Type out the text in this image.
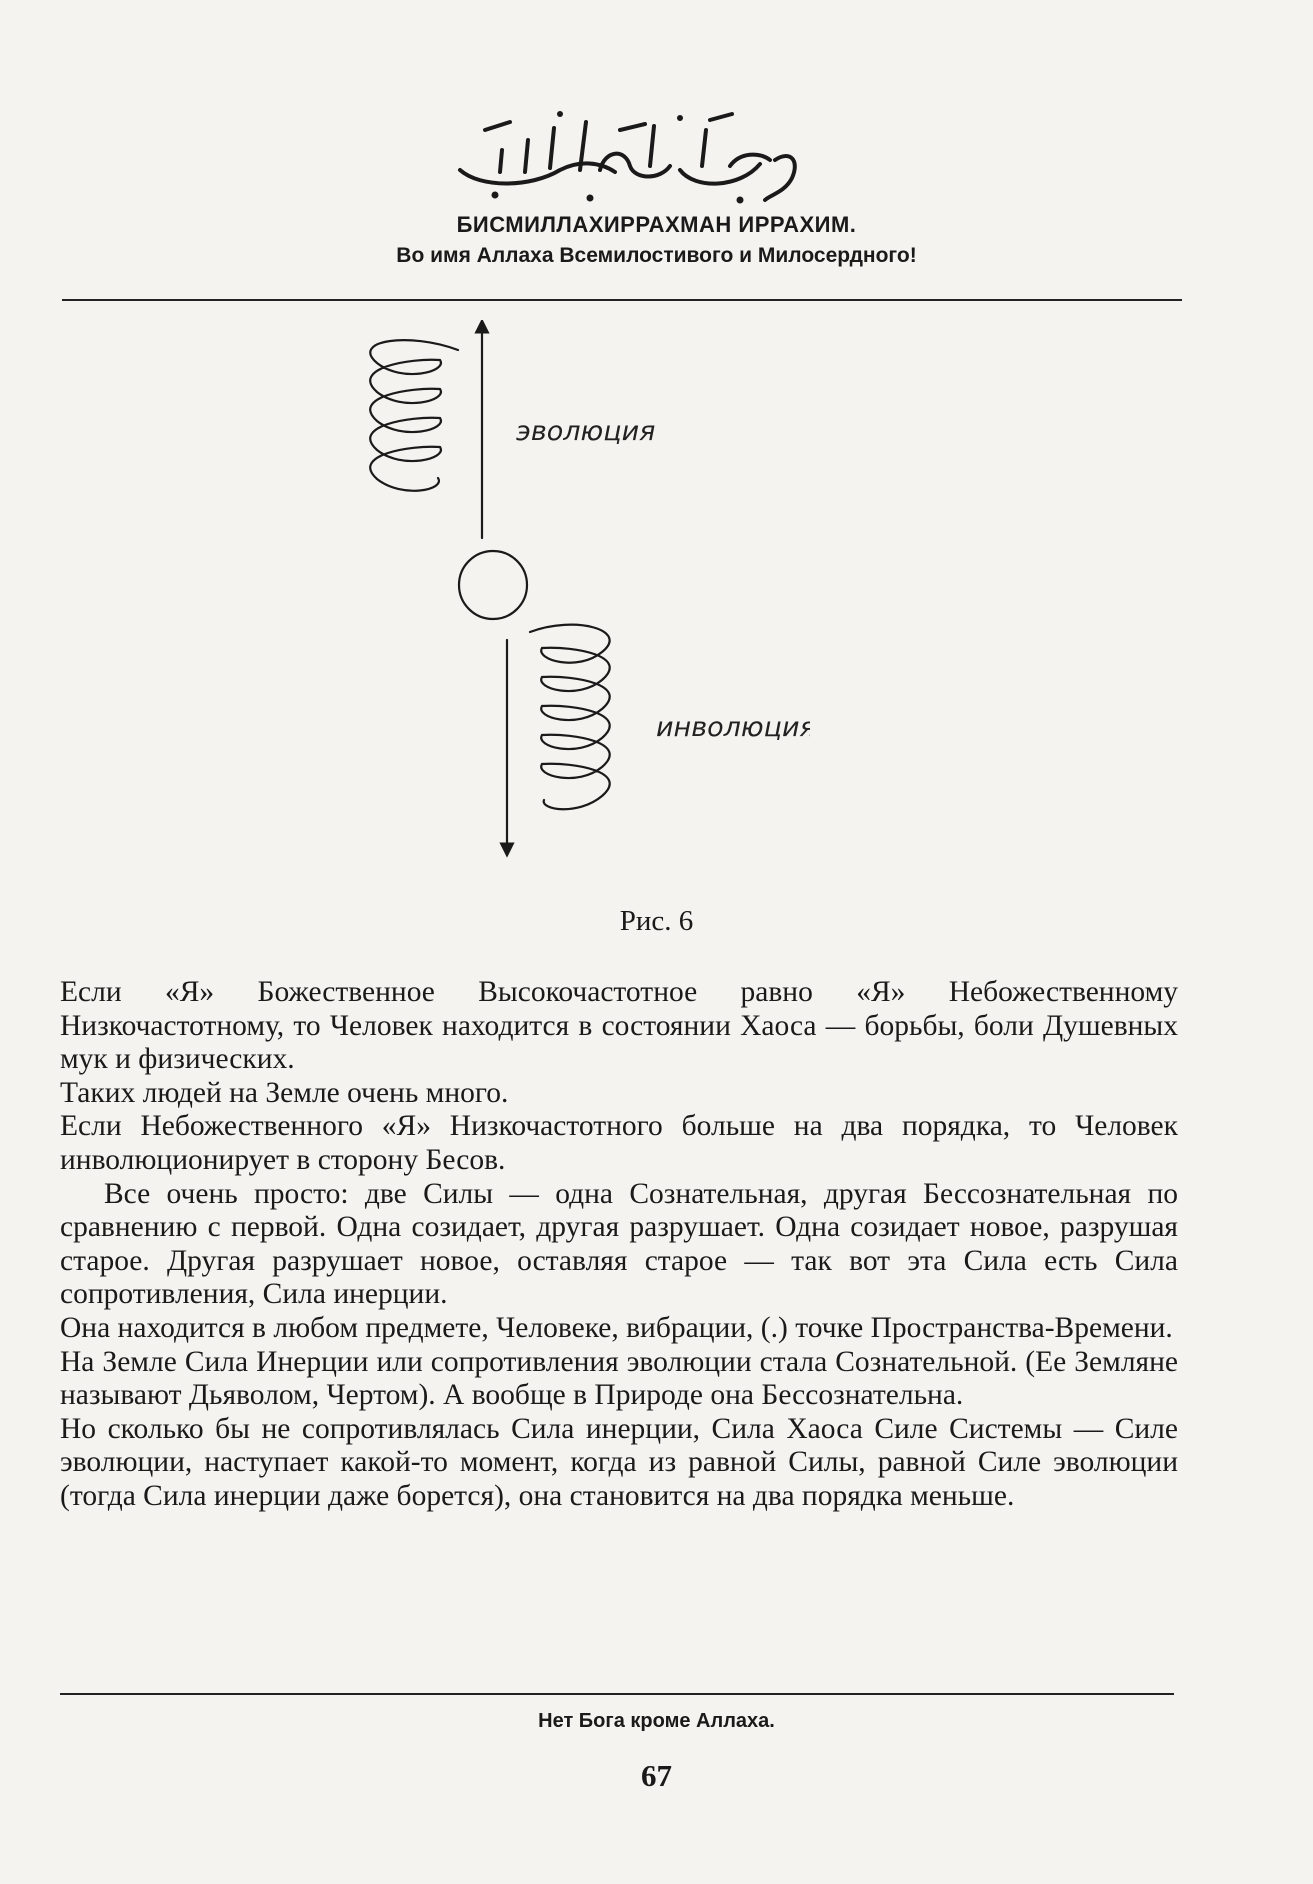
БИСМИЛЛАХИРРАХМАН ИРРАХИМ.
Во имя Аллаха Всемилостивого и Милосердного!
эволюция
инволюция
Рис. 6

Если «Я» Божественное Высокочастотное равно «Я» Небожественному Низкочастотному, то Человек находится в состоянии Хаоса — борьбы, боли Душевных мук и физических.

Таких людей на Земле очень много.

Если Небожественного «Я» Низкочастотного больше на два порядка, то Человек инволюционирует в сторону Бесов.

Все очень просто: две Силы — одна Сознательная, другая Бессознательная по сравнению с первой. Одна созидает, другая разрушает. Одна созидает новое, разрушая старое. Другая разрушает новое, оставляя старое — так вот эта Сила есть Сила сопротивления, Сила инерции.

Она находится в любом предмете, Человеке, вибрации, (.) точке Пространства-Времени.

На Земле Сила Инерции или сопротивления эволюции стала Сознательной. (Ее Земляне называют Дьяволом, Чертом). А вообще в Природе она Бессознательна.

Но сколько бы не сопротивлялась Сила инерции, Сила Хаоса Силе Системы — Силе эволюции, наступает какой-то момент, когда из равной Силы, равной Силе эволюции (тогда Сила инерции даже борется), она становится на два порядка меньше.

Нет Бога кроме Аллаха.
67
